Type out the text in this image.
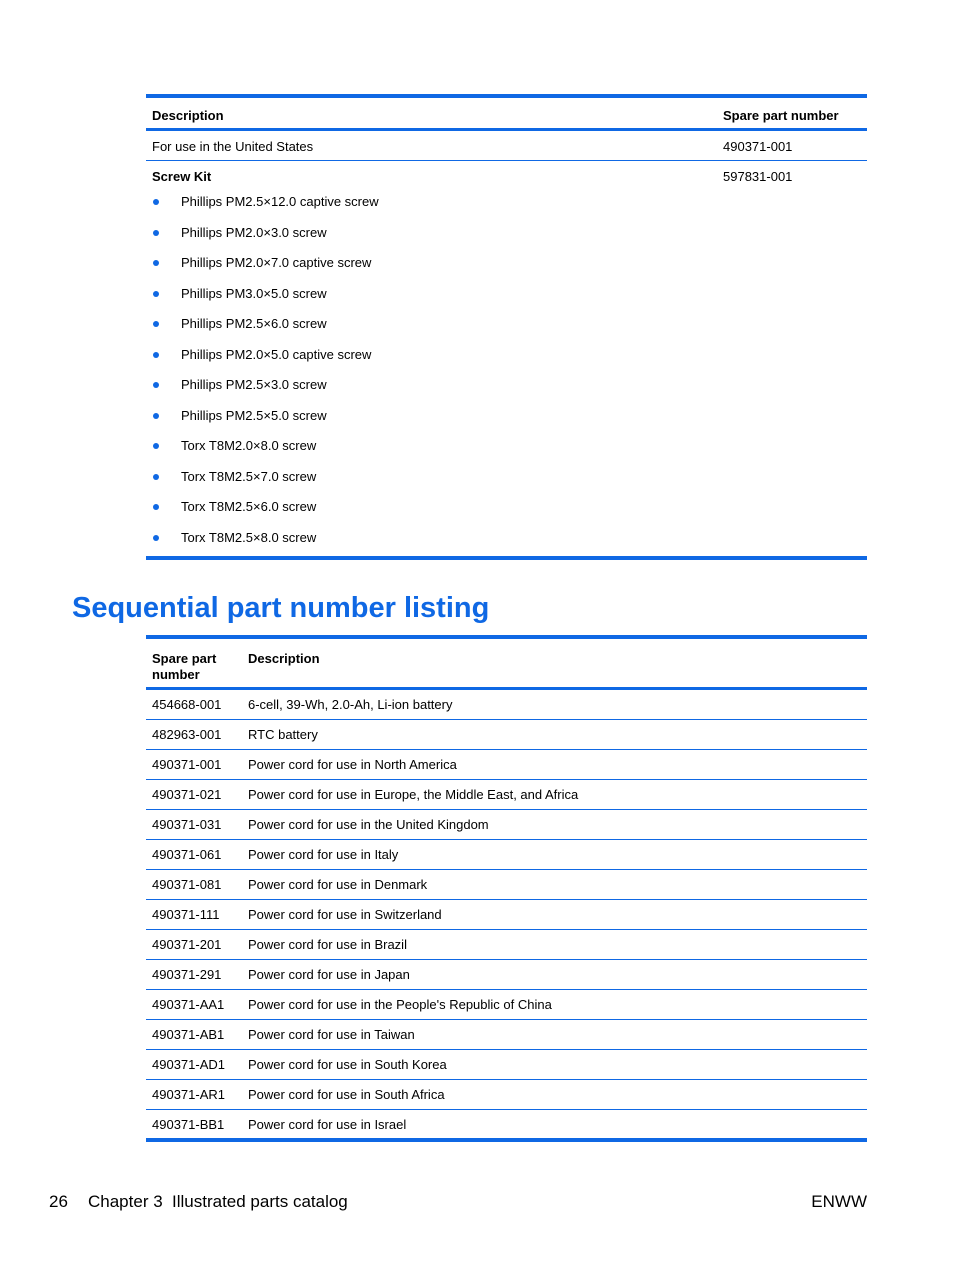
Description	Spare part number
For use in the United States	490371-001
Screw Kit	597831-001
Phillips PM2.5×12.0 captive screw
Phillips PM2.0×3.0 screw
Phillips PM2.0×7.0 captive screw
Phillips PM3.0×5.0 screw
Phillips PM2.5×6.0 screw
Phillips PM2.0×5.0 captive screw
Phillips PM2.5×3.0 screw
Phillips PM2.5×5.0 screw
Torx T8M2.0×8.0 screw
Torx T8M2.5×7.0 screw
Torx T8M2.5×6.0 screw
Torx T8M2.5×8.0 screw
Sequential part number listing
Spare part
number
Description
454668-001 6-cell, 39-Wh, 2.0-Ah, Li-ion battery
482963-001 RTC battery
490371-001 Power cord for use in North America
490371-021 Power cord for use in Europe, the Middle East, and Africa
490371-031 Power cord for use in the United Kingdom
490371-061 Power cord for use in Italy
490371-081 Power cord for use in Denmark
490371-111 Power cord for use in Switzerland
490371-201 Power cord for use in Brazil
490371-291 Power cord for use in Japan
490371-AA1 Power cord for use in the People's Republic of China
490371-AB1 Power cord for use in Taiwan
490371-AD1 Power cord for use in South Korea
490371-AR1 Power cord for use in South Africa
490371-BB1 Power cord for use in Israel
26 Chapter 3 Illustrated parts catalog	ENWW
